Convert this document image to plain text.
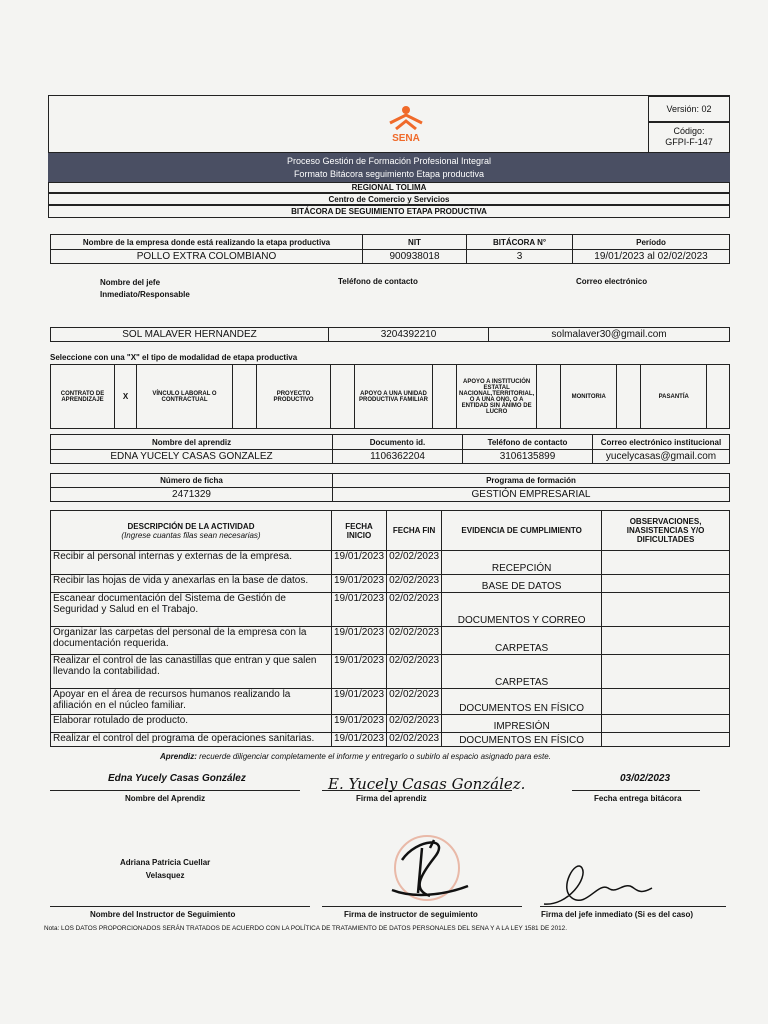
SENA
Versión: 02
Código:
GFPI-F-147
Proceso Gestión de Formación Profesional Integral
Formato Bitácora seguimiento Etapa productiva
REGIONAL TOLIMA
Centro de Comercio y Servicios
BITÁCORA DE SEGUIMIENTO ETAPA PRODUCTIVA
Nombre de la empresa donde está realizando la etapa productiva	NIT	BITÁCORA N°	Período
POLLO EXTRA COLOMBIANO	900938018	3	19/01/2023 al 02/02/2023
Nombre del jefe
Inmediato/Responsable
Teléfono de contacto	Correo electrónico
SOL MALAVER HERNANDEZ	3204392210	solmalaver30@gmail.com
Seleccione con una "X" el tipo de modalidad de etapa productiva
CONTRATO DE APRENDIZAJE	X	VÍNCULO LABORAL O CONTRACTUAL		PROYECTO PRODUCTIVO		APOYO A UNA UNIDAD PRODUCTIVA FAMILIAR		APOYO A INSTITUCIÓN ESTATAL NACIONAL,TERRITORIAL, O A UNA ONG, O A ENTIDAD SIN ÁNIMO DE LUCRO		MONITORIA		PASANTÍA	
Nombre del aprendiz	Documento id.	Teléfono de contacto	Correo electrónico institucional
EDNA YUCELY CASAS GONZALEZ	1106362204	3106135899	yucelycasas@gmail.com
Número de ficha	Programa de formación
2471329	GESTIÓN EMPRESARIAL
DESCRIPCIÓN DE LA ACTIVIDAD
(Ingrese cuantas filas sean necesarias)	FECHA INICIO	FECHA FIN	EVIDENCIA DE CUMPLIMIENTO	OBSERVACIONES, INASISTENCIAS Y/O DIFICULTADES
Recibir al personal internas y externas de la empresa.	19/01/2023	02/02/2023	RECEPCIÓN	
Recibir las hojas de vida y anexarlas en la base de datos.	19/01/2023	02/02/2023	BASE DE DATOS	
Escanear documentación del Sistema de Gestión de Seguridad y Salud en el Trabajo.	19/01/2023	02/02/2023	DOCUMENTOS Y CORREO	
Organizar las carpetas del personal de la empresa con la documentación requerida.	19/01/2023	02/02/2023	CARPETAS	
Realizar el control de las canastillas que entran y que salen llevando la contabilidad.	19/01/2023	02/02/2023	CARPETAS	
Apoyar en el área de recursos humanos realizando la afiliación en el núcleo familiar.	19/01/2023	02/02/2023	DOCUMENTOS EN FÍSICO	
Elaborar rotulado de producto.	19/01/2023	02/02/2023	IMPRESIÓN	
Realizar el control del programa de operaciones sanitarias.	19/01/2023	02/02/2023	DOCUMENTOS EN FÍSICO	
Aprendiz: recuerde diligenciar completamente el informe y entregarlo o subirlo al espacio asignado para este.
Edna Yucely Casas González
Nombre del Aprendiz
E. Yucely Casas González.
Firma del aprendiz
03/02/2023
Fecha entrega bitácora
Adriana Patricia Cuellar
Velasquez
Nombre del Instructor de Seguimiento	Firma de instructor de seguimiento	Firma del jefe inmediato (Si es del caso)
Nota: LOS DATOS PROPORCIONADOS SERÁN TRATADOS DE ACUERDO CON LA POLÍTICA DE TRATAMIENTO DE DATOS PERSONALES DEL SENA Y A LA LEY 1581 DE 2012.
